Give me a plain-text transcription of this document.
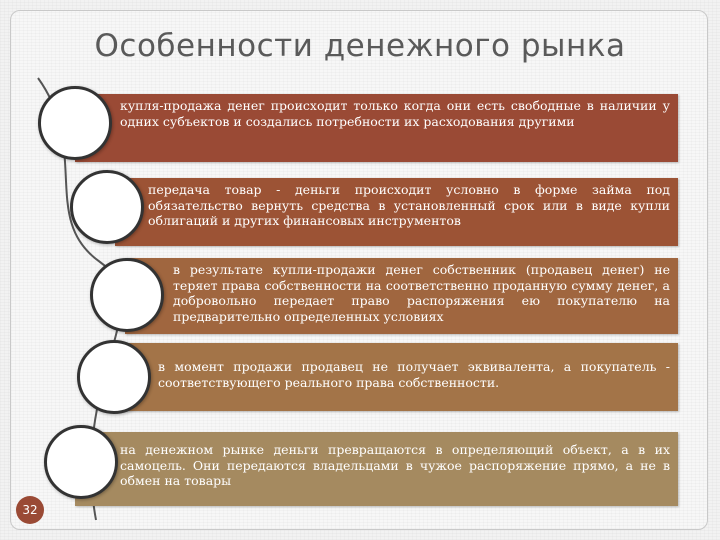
Особенности денежного рынка
купля-продажа денег происходит только когда они есть свободные в наличии у одних субъектов и создались потребности их расходования другими
передача товар - деньги происходит условно в форме займа под обязательство вернуть средства в установленный срок или в виде купли облигаций и других финансовых инструментов
в результате купли-продажи денег собственник (продавец денег) не теряет права собственности на соответственно проданную сумму денег, а добровольно передает право распоряжения ею покупателю на предварительно определенных условиях
в момент продажи продавец не получает эквивалента, а покупатель - соответствующего реального права собственности.
на денежном рынке деньги превращаются в определяющий объект, а в их самоцель. Они передаются владельцами в чужое распоряжение прямо, а не в обмен на товары
32
